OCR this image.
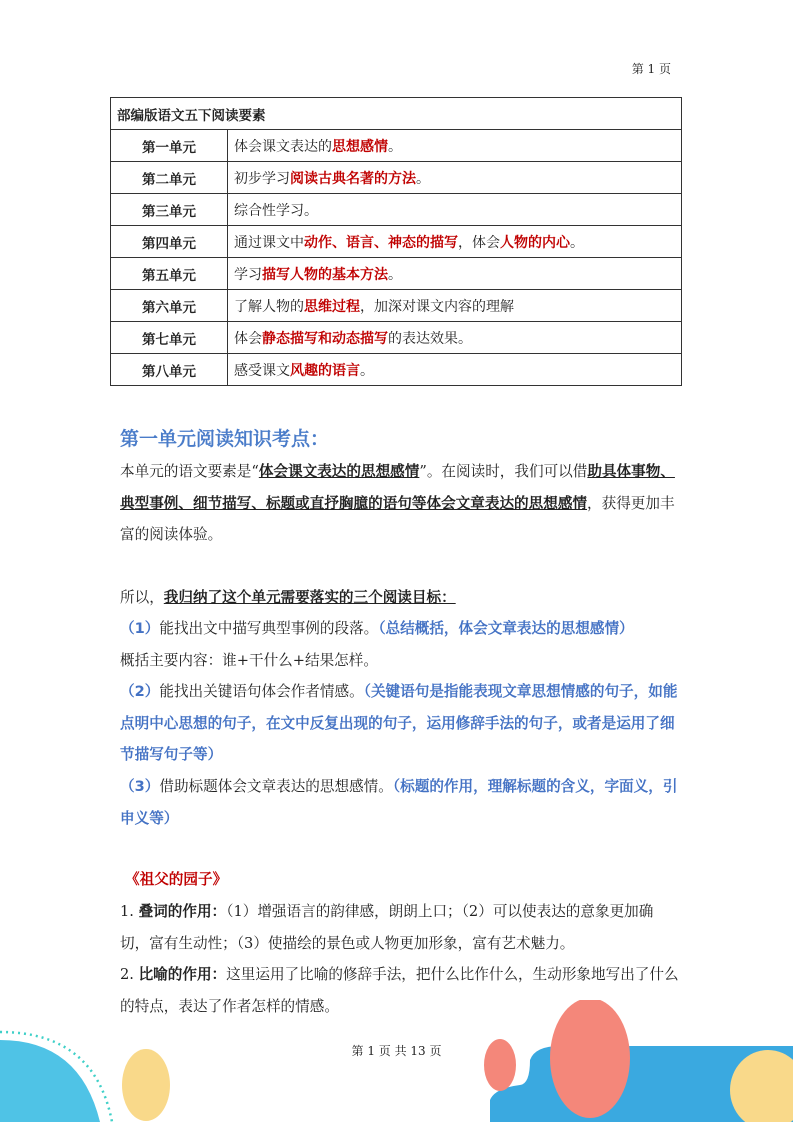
第 1 页
部编版语文五下阅读要素	
第一单元	体会课文表达的思想感情。
第二单元	初步学习阅读古典名著的方法。
第三单元	综合性学习。
第四单元	通过课文中动作、语言、神态的描写，体会人物的内心。
第五单元	学习描写人物的基本方法。
第六单元	了解人物的思维过程，加深对课文内容的理解
第七单元	体会静态描写和动态描写的表达效果。
第八单元	感受课文风趣的语言。
第一单元阅读知识考点：
本单元的语文要素是“体会课文表达的思想感情”。在阅读时，我们可以借助具体事物、典型事例、细节描写、标题或直抒胸臆的语句等体会文章表达的思想感情，获得更加丰富的阅读体验。
所以，我归纳了这个单元需要落实的三个阅读目标：
（1）能找出文中描写典型事例的段落。（总结概括，体会文章表达的思想感情）
概括主要内容：谁+干什么+结果怎样。
（2）能找出关键语句体会作者情感。（关键语句是指能表现文章思想情感的句子，如能点明中心思想的句子，在文中反复出现的句子，运用修辞手法的句子，或者是运用了细节描写句子等）
（3）借助标题体会文章表达的思想感情。（标题的作用，理解标题的含义，字面义，引申义等）
《祖父的园子》
1. 叠词的作用：（1）增强语言的韵律感，朗朗上口；（2）可以使表达的意象更加确切，富有生动性；（3）使描绘的景色或人物更加形象，富有艺术魅力。
2. 比喻的作用：这里运用了比喻的修辞手法，把什么比作什么，生动形象地写出了什么的特点，表达了作者怎样的情感。
第 1 页 共 13 页
